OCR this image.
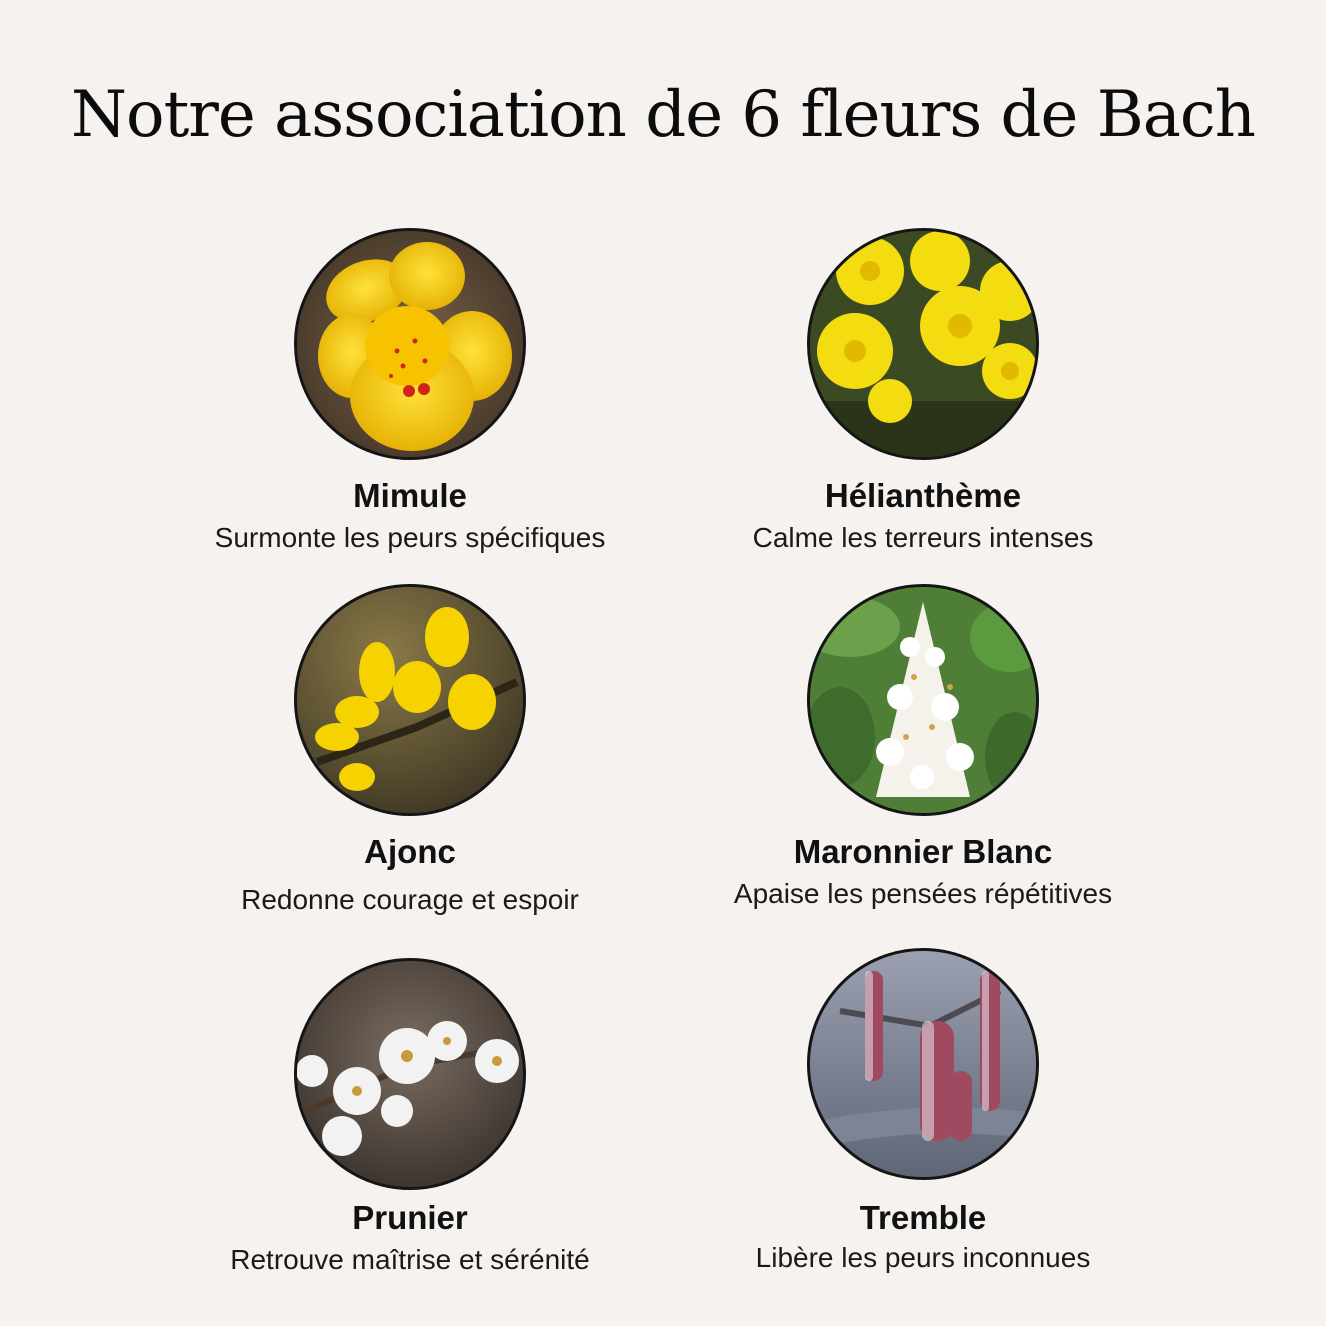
Notre association de 6 fleurs de Bach
Mimule
Surmonte les peurs spécifiques
Hélianthème
Calme les terreurs intenses
Ajonc
Redonne courage et espoir
Maronnier Blanc
Apaise les pensées répétitives
Prunier
Retrouve maîtrise et sérénité
Tremble
Libère les peurs inconnues
